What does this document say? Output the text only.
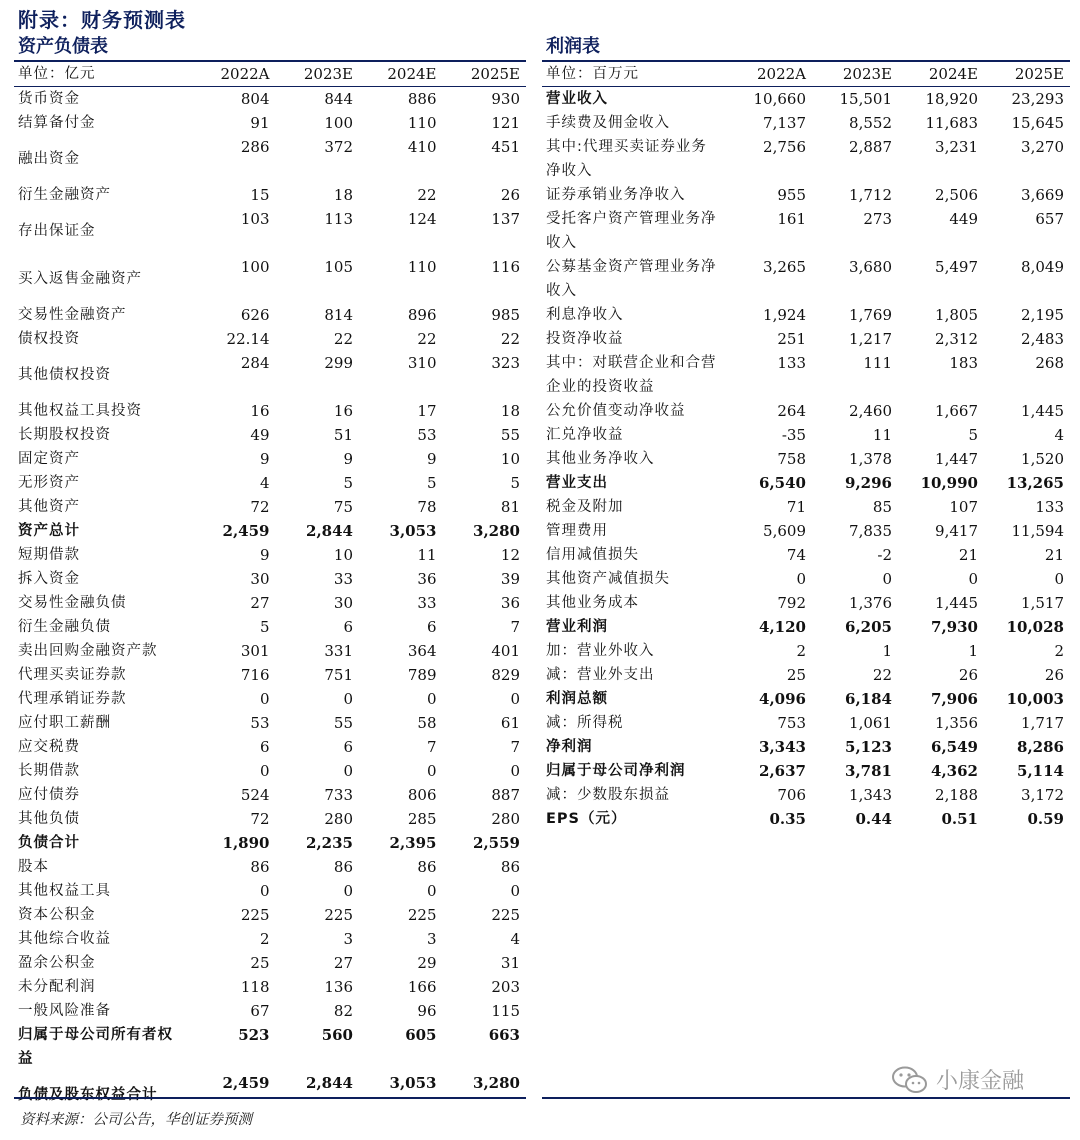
附录：财务预测表
资产负债表
单位：亿元	2022A	2023E	2024E	2025E
货币资金	804	844	886	930
结算备付金	91	100	110	121
融出资金	286	372	410	451
衍生金融资产	15	18	22	26
存出保证金	103	113	124	137
买入返售金融资产	100	105	110	116
交易性金融资产	626	814	896	985
债权投资	22.14	22	22	22
其他债权投资	284	299	310	323
其他权益工具投资	16	16	17	18
长期股权投资	49	51	53	55
固定资产	9	9	9	10
无形资产	4	5	5	5
其他资产	72	75	78	81
资产总计	2,459	2,844	3,053	3,280
短期借款	9	10	11	12
拆入资金	30	33	36	39
交易性金融负债	27	30	33	36
衍生金融负债	5	6	6	7
卖出回购金融资产款	301	331	364	401
代理买卖证券款	716	751	789	829
代理承销证券款	0	0	0	0
应付职工薪酬	53	55	58	61
应交税费	6	6	7	7
长期借款	0	0	0	0
应付债券	524	733	806	887
其他负债	72	280	285	280
负债合计	1,890	2,235	2,395	2,559
股本	86	86	86	86
其他权益工具	0	0	0	0
资本公积金	225	225	225	225
其他综合收益	2	3	3	4
盈余公积金	25	27	29	31
未分配利润	118	136	166	203
一般风险准备	67	82	96	115
归属于母公司所有者权益	523	560	605	663
负债及股东权益合计	2,459	2,844	3,053	3,280
利润表
单位：百万元	2022A	2023E	2024E	2025E
营业收入	10,660	15,501	18,920	23,293
手续费及佣金收入	7,137	8,552	11,683	15,645
其中:代理买卖证券业务净收入	2,756	2,887	3,231	3,270
证券承销业务净收入	955	1,712	2,506	3,669
受托客户资产管理业务净收入	161	273	449	657
公募基金资产管理业务净收入	3,265	3,680	5,497	8,049
利息净收入	1,924	1,769	1,805	2,195
投资净收益	251	1,217	2,312	2,483
其中：对联营企业和合营企业的投资收益	133	111	183	268
公允价值变动净收益	264	2,460	1,667	1,445
汇兑净收益	-35	11	5	4
其他业务净收入	758	1,378	1,447	1,520
营业支出	6,540	9,296	10,990	13,265
税金及附加	71	85	107	133
管理费用	5,609	7,835	9,417	11,594
信用减值损失	74	-2	21	21
其他资产减值损失	0	0	0	0
其他业务成本	792	1,376	1,445	1,517
营业利润	4,120	6,205	7,930	10,028
加：营业外收入	2	1	1	2
减：营业外支出	25	22	26	26
利润总额	4,096	6,184	7,906	10,003
减：所得税	753	1,061	1,356	1,717
净利润	3,343	5,123	6,549	8,286
归属于母公司净利润	2,637	3,781	4,362	5,114
减：少数股东损益	706	1,343	2,188	3,172
EPS（元）	0.35	0.44	0.51	0.59
资料来源：公司公告，华创证券预测
小康金融
